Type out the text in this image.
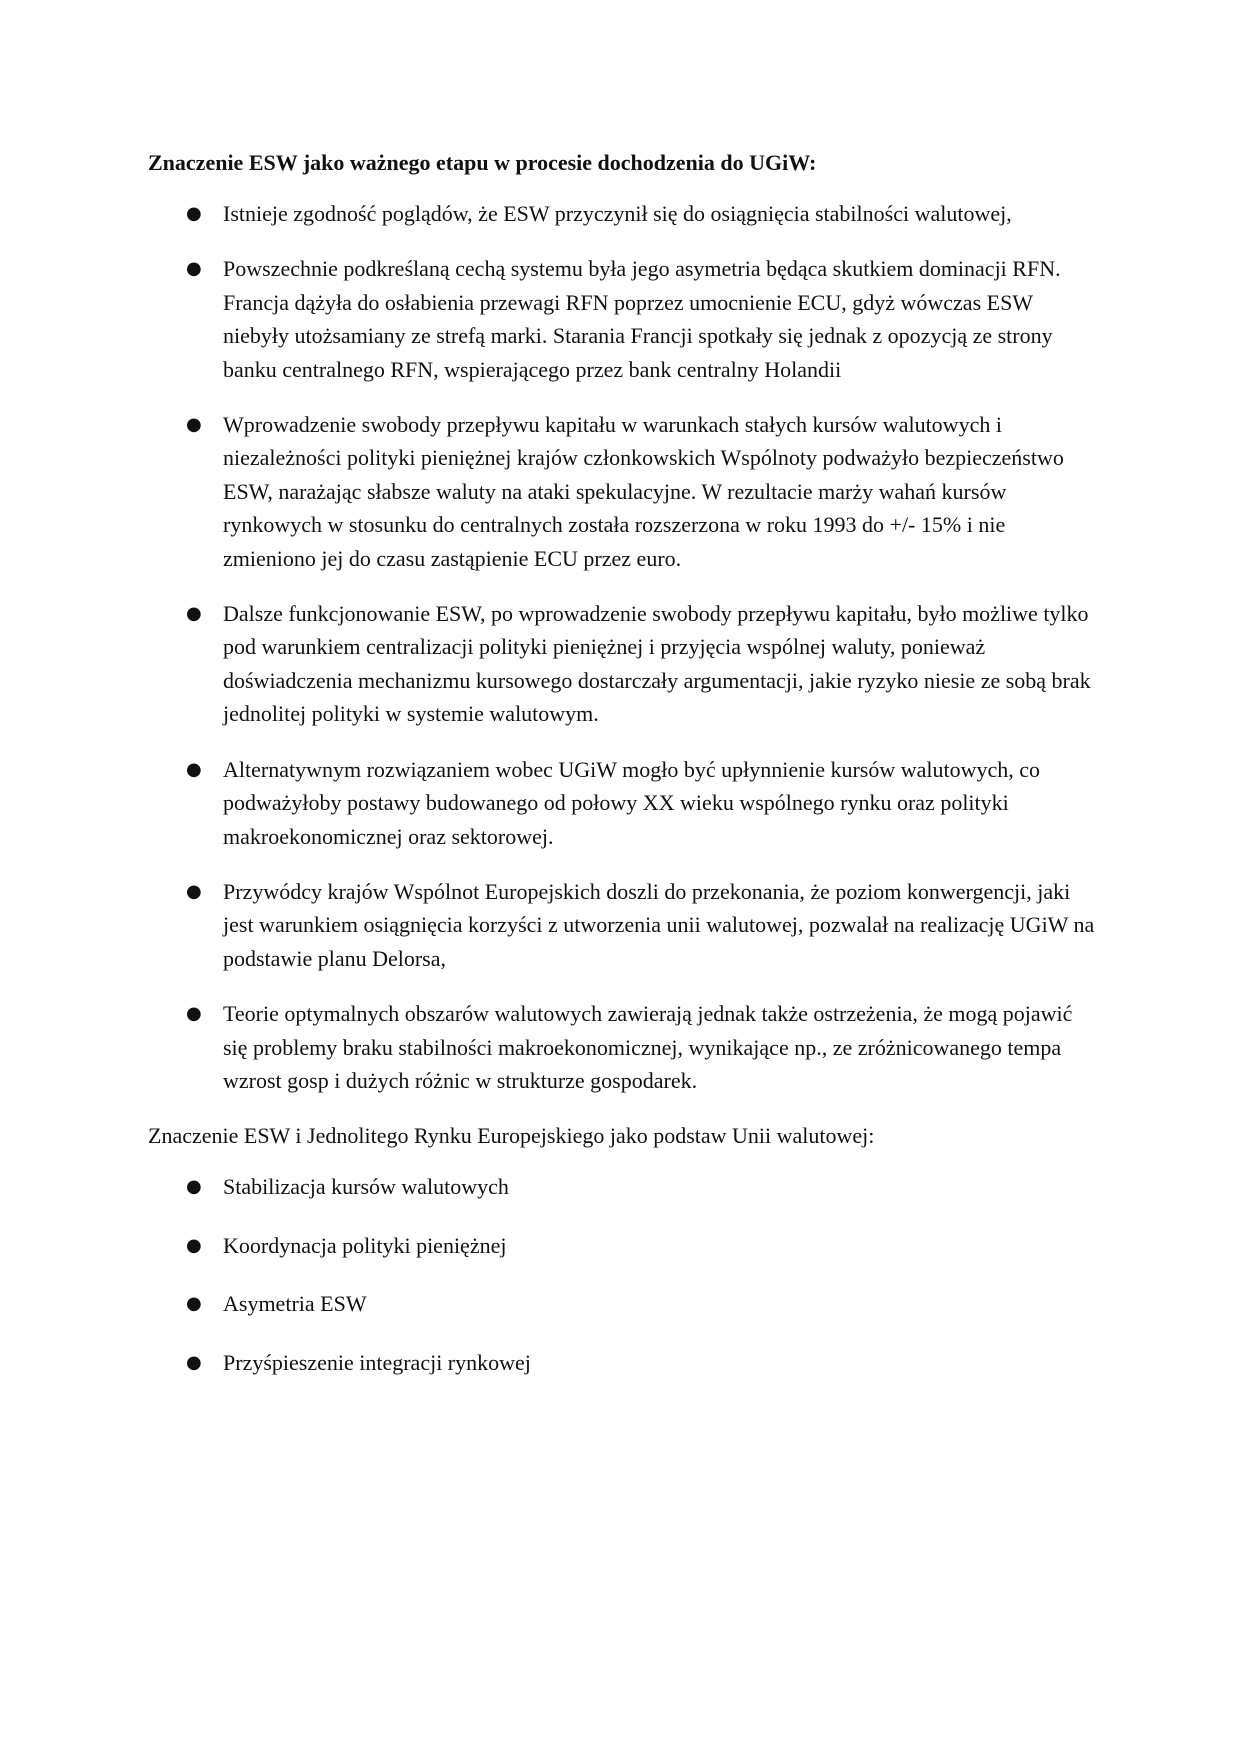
Znaczenie ESW jako ważnego etapu w procesie dochodzenia do UGiW:

● Istnieje zgodność poglądów, że ESW przyczynił się do osiągnięcia stabilności walutowej,
● Powszechnie podkreślaną cechą systemu była jego asymetria będąca skutkiem dominacji RFN. Francja dążyła do osłabienia przewagi RFN poprzez umocnienie ECU, gdyż wówczas ESW niebyły utożsamiany ze strefą marki. Starania Francji spotkały się jednak z opozycją ze strony banku centralnego RFN, wspierającego przez bank centralny Holandii
● Wprowadzenie swobody przepływu kapitału w warunkach stałych kursów walutowych i niezależności polityki pieniężnej krajów członkowskich Wspólnoty podważyło bezpieczeństwo ESW, narażając słabsze waluty na ataki spekulacyjne. W rezultacie marży wahań kursów rynkowych w stosunku do centralnych została rozszerzona w roku 1993 do +/- 15% i nie zmieniono jej do czasu zastąpienie ECU przez euro.
● Dalsze funkcjonowanie ESW, po wprowadzenie swobody przepływu kapitału, było możliwe tylko pod warunkiem centralizacji polityki pieniężnej i przyjęcia wspólnej waluty, ponieważ doświadczenia mechanizmu kursowego dostarczały argumentacji, jakie ryzyko niesie ze sobą brak jednolitej polityki w systemie walutowym.
● Alternatywnym rozwiązaniem wobec UGiW mogło być upłynnienie kursów walutowych, co podważyłoby postawy budowanego od połowy XX wieku wspólnego rynku oraz polityki makroekonomicznej oraz sektorowej.
● Przywódcy krajów Wspólnot Europejskich doszli do przekonania, że poziom konwergencji, jaki jest warunkiem osiągnięcia korzyści z utworzenia unii walutowej, pozwalał na realizację UGiW na podstawie planu Delorsa,
● Teorie optymalnych obszarów walutowych zawierają jednak także ostrzeżenia, że mogą pojawić się problemy braku stabilności makroekonomicznej, wynikające np., ze zróżnicowanego tempa wzrost gosp i dużych różnic w strukturze gospodarek.

Znaczenie ESW i Jednolitego Rynku Europejskiego jako podstaw Unii walutowej:

● Stabilizacja kursów walutowych
● Koordynacja polityki pieniężnej
● Asymetria ESW
● Przyśpieszenie integracji rynkowej
